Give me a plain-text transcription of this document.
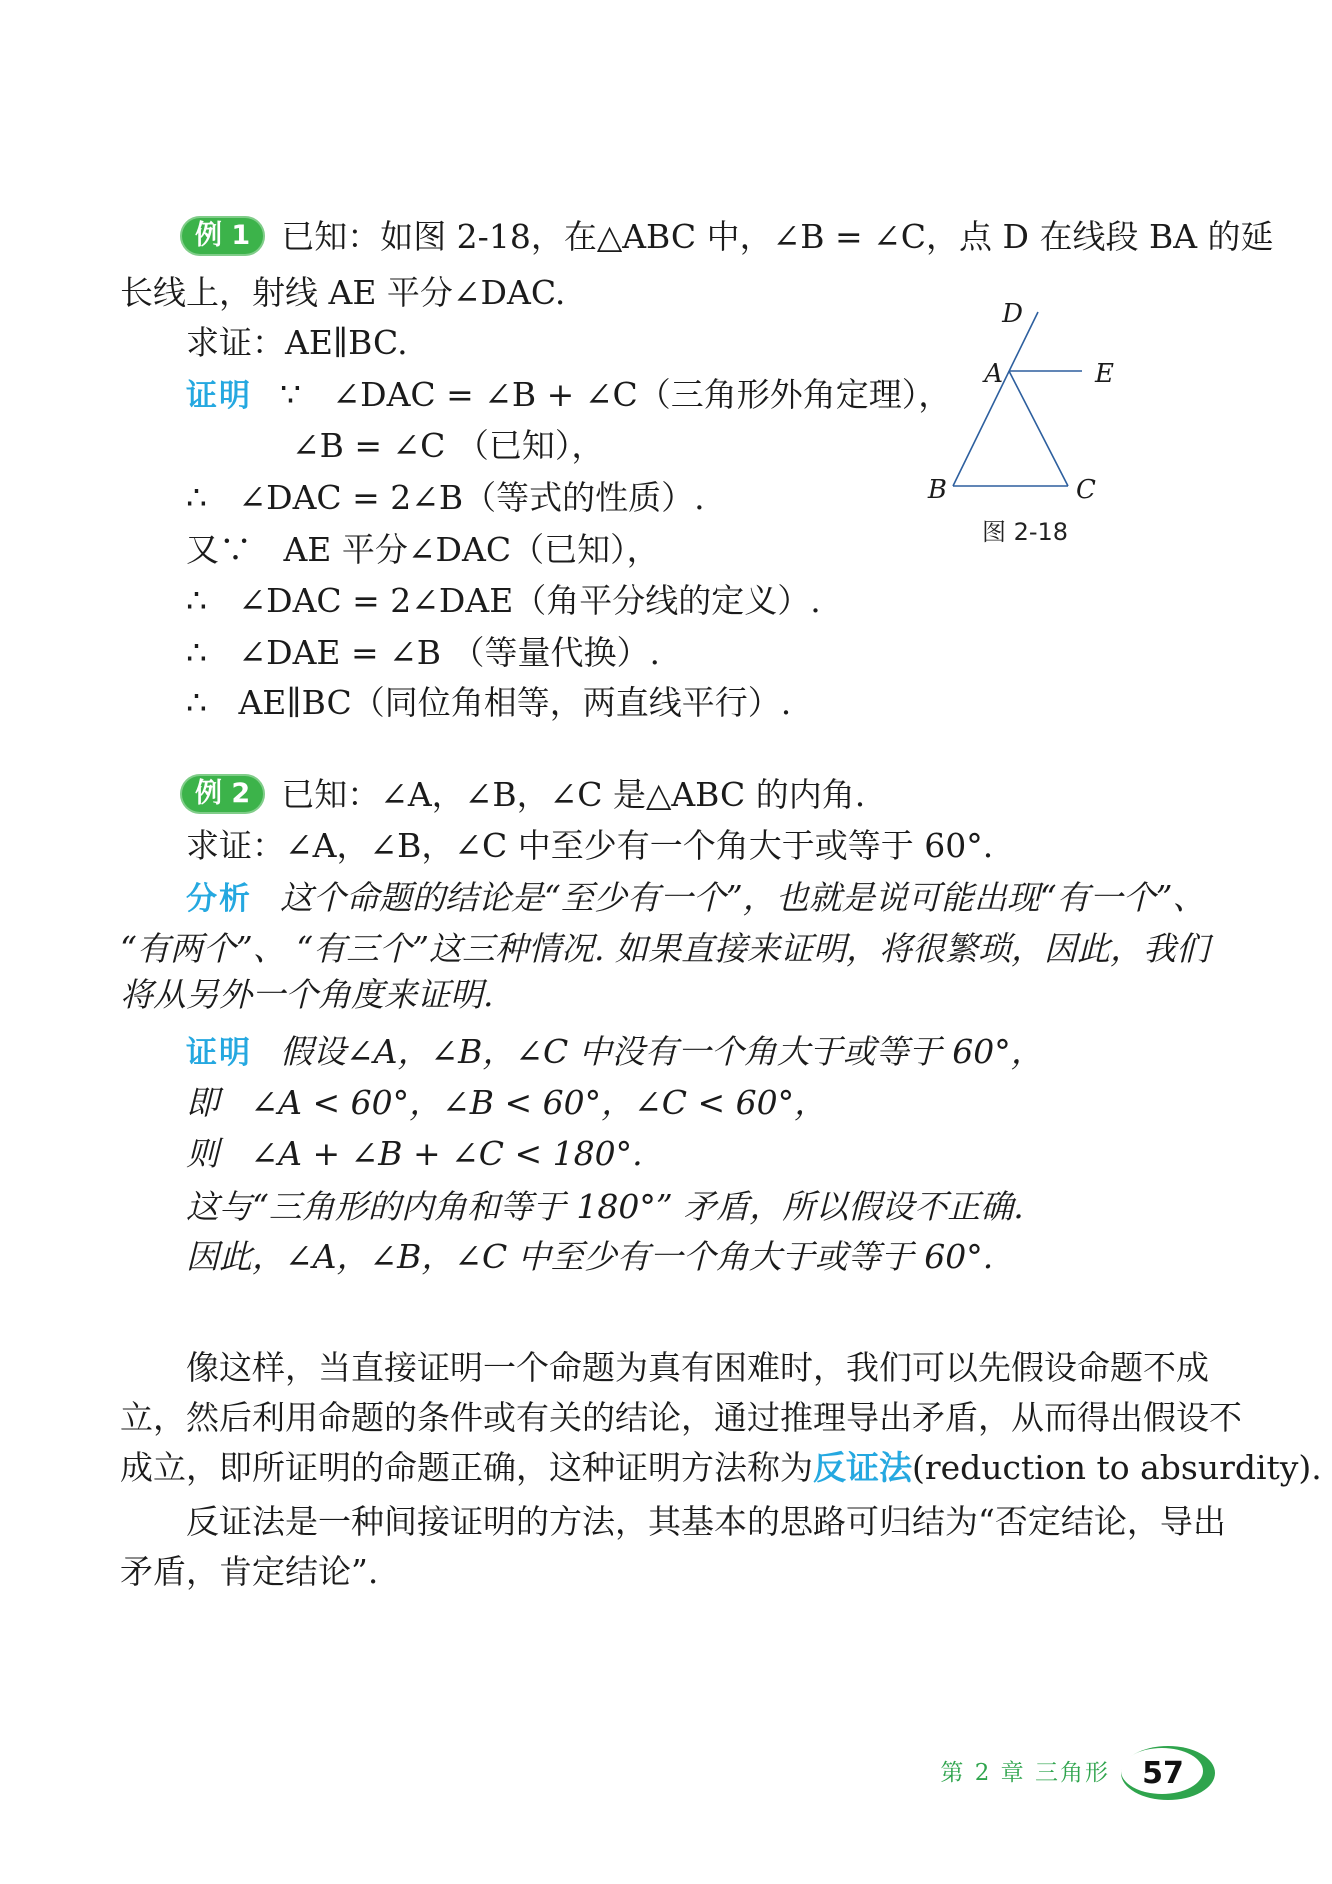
例 1 已知：如图 2-18，在△ABC 中，∠B = ∠C，点 D 在线段 BA 的延
长线上，射线 AE 平分∠DAC.
求证：AE∥BC.
证明 ∵   ∠DAC = ∠B + ∠C（三角形外角定理），
∠B = ∠C （已知），
∴   ∠DAC = 2∠B（等式的性质）.
又∵   AE 平分∠DAC（已知），
∴   ∠DAC = 2∠DAE（角平分线的定义）.
∴   ∠DAE = ∠B （等量代换）.
∴   AE∥BC（同位角相等，两直线平行）.
D
A	E
B	C
图 2-18
例 2 已知：∠A，∠B，∠C 是△ABC 的内角.
求证：∠A，∠B，∠C 中至少有一个角大于或等于 60°.
分析 这个命题的结论是“至少有一个”，也就是说可能出现“有一个”、
“有两个”、 “有三个”这三种情况. 如果直接来证明，将很繁琐，因此，我们
将从另外一个角度来证明.
证明 假设∠A，∠B，∠C 中没有一个角大于或等于 60°，
即   ∠A < 60°，∠B < 60°，∠C < 60°，
则   ∠A + ∠B + ∠C < 180°.
这与“三角形的内角和等于 180°” 矛盾，所以假设不正确.
因此，∠A，∠B，∠C 中至少有一个角大于或等于 60°.
像这样，当直接证明一个命题为真有困难时，我们可以先假设命题不成
立，然后利用命题的条件或有关的结论，通过推理导出矛盾，从而得出假设不
成立，即所证明的命题正确，这种证明方法称为反证法(reduction to absurdity).
反证法是一种间接证明的方法，其基本的思路可归结为“否定结论，导出
矛盾，肯定结论”.
第 2 章 三角形 57
